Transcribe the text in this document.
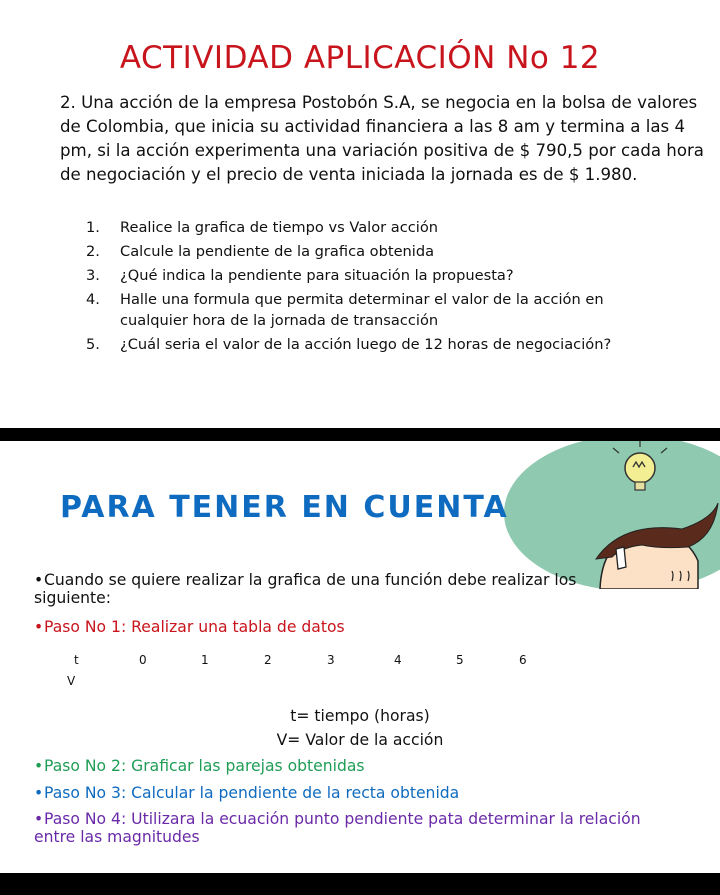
ACTIVIDAD APLICACIÓN No 12
2. Una acción de la empresa Postobón S.A, se negocia en la bolsa de valores de Colombia, que inicia su actividad financiera a las 8 am y termina a las 4 pm, si la acción experimenta una variación positiva de $ 790,5 por cada hora de negociación y el precio de venta iniciada la jornada es de $ 1.980.
1. Realice la grafica de tiempo vs Valor acción
2. Calcule la pendiente de la grafica obtenida
3. ¿Qué indica la pendiente para situación la propuesta?
4. Halle una formula que permita determinar el valor de la acción en cualquier hora de la jornada de transacción
5. ¿Cuál seria el valor de la acción luego de 12 horas de negociación?
PARA TENER EN CUENTA
•Cuando se quiere realizar la grafica de una función debe realizar los siguiente:
•Paso No 1: Realizar una tabla de datos
t	0	1	2	3	4	5	6
V
t= tiempo (horas)
V= Valor de la acción
•Paso No 2: Graficar las parejas obtenidas
•Paso No 3: Calcular la pendiente de la recta obtenida
•Paso No 4: Utilizara la ecuación punto pendiente pata determinar la relación entre las magnitudes
